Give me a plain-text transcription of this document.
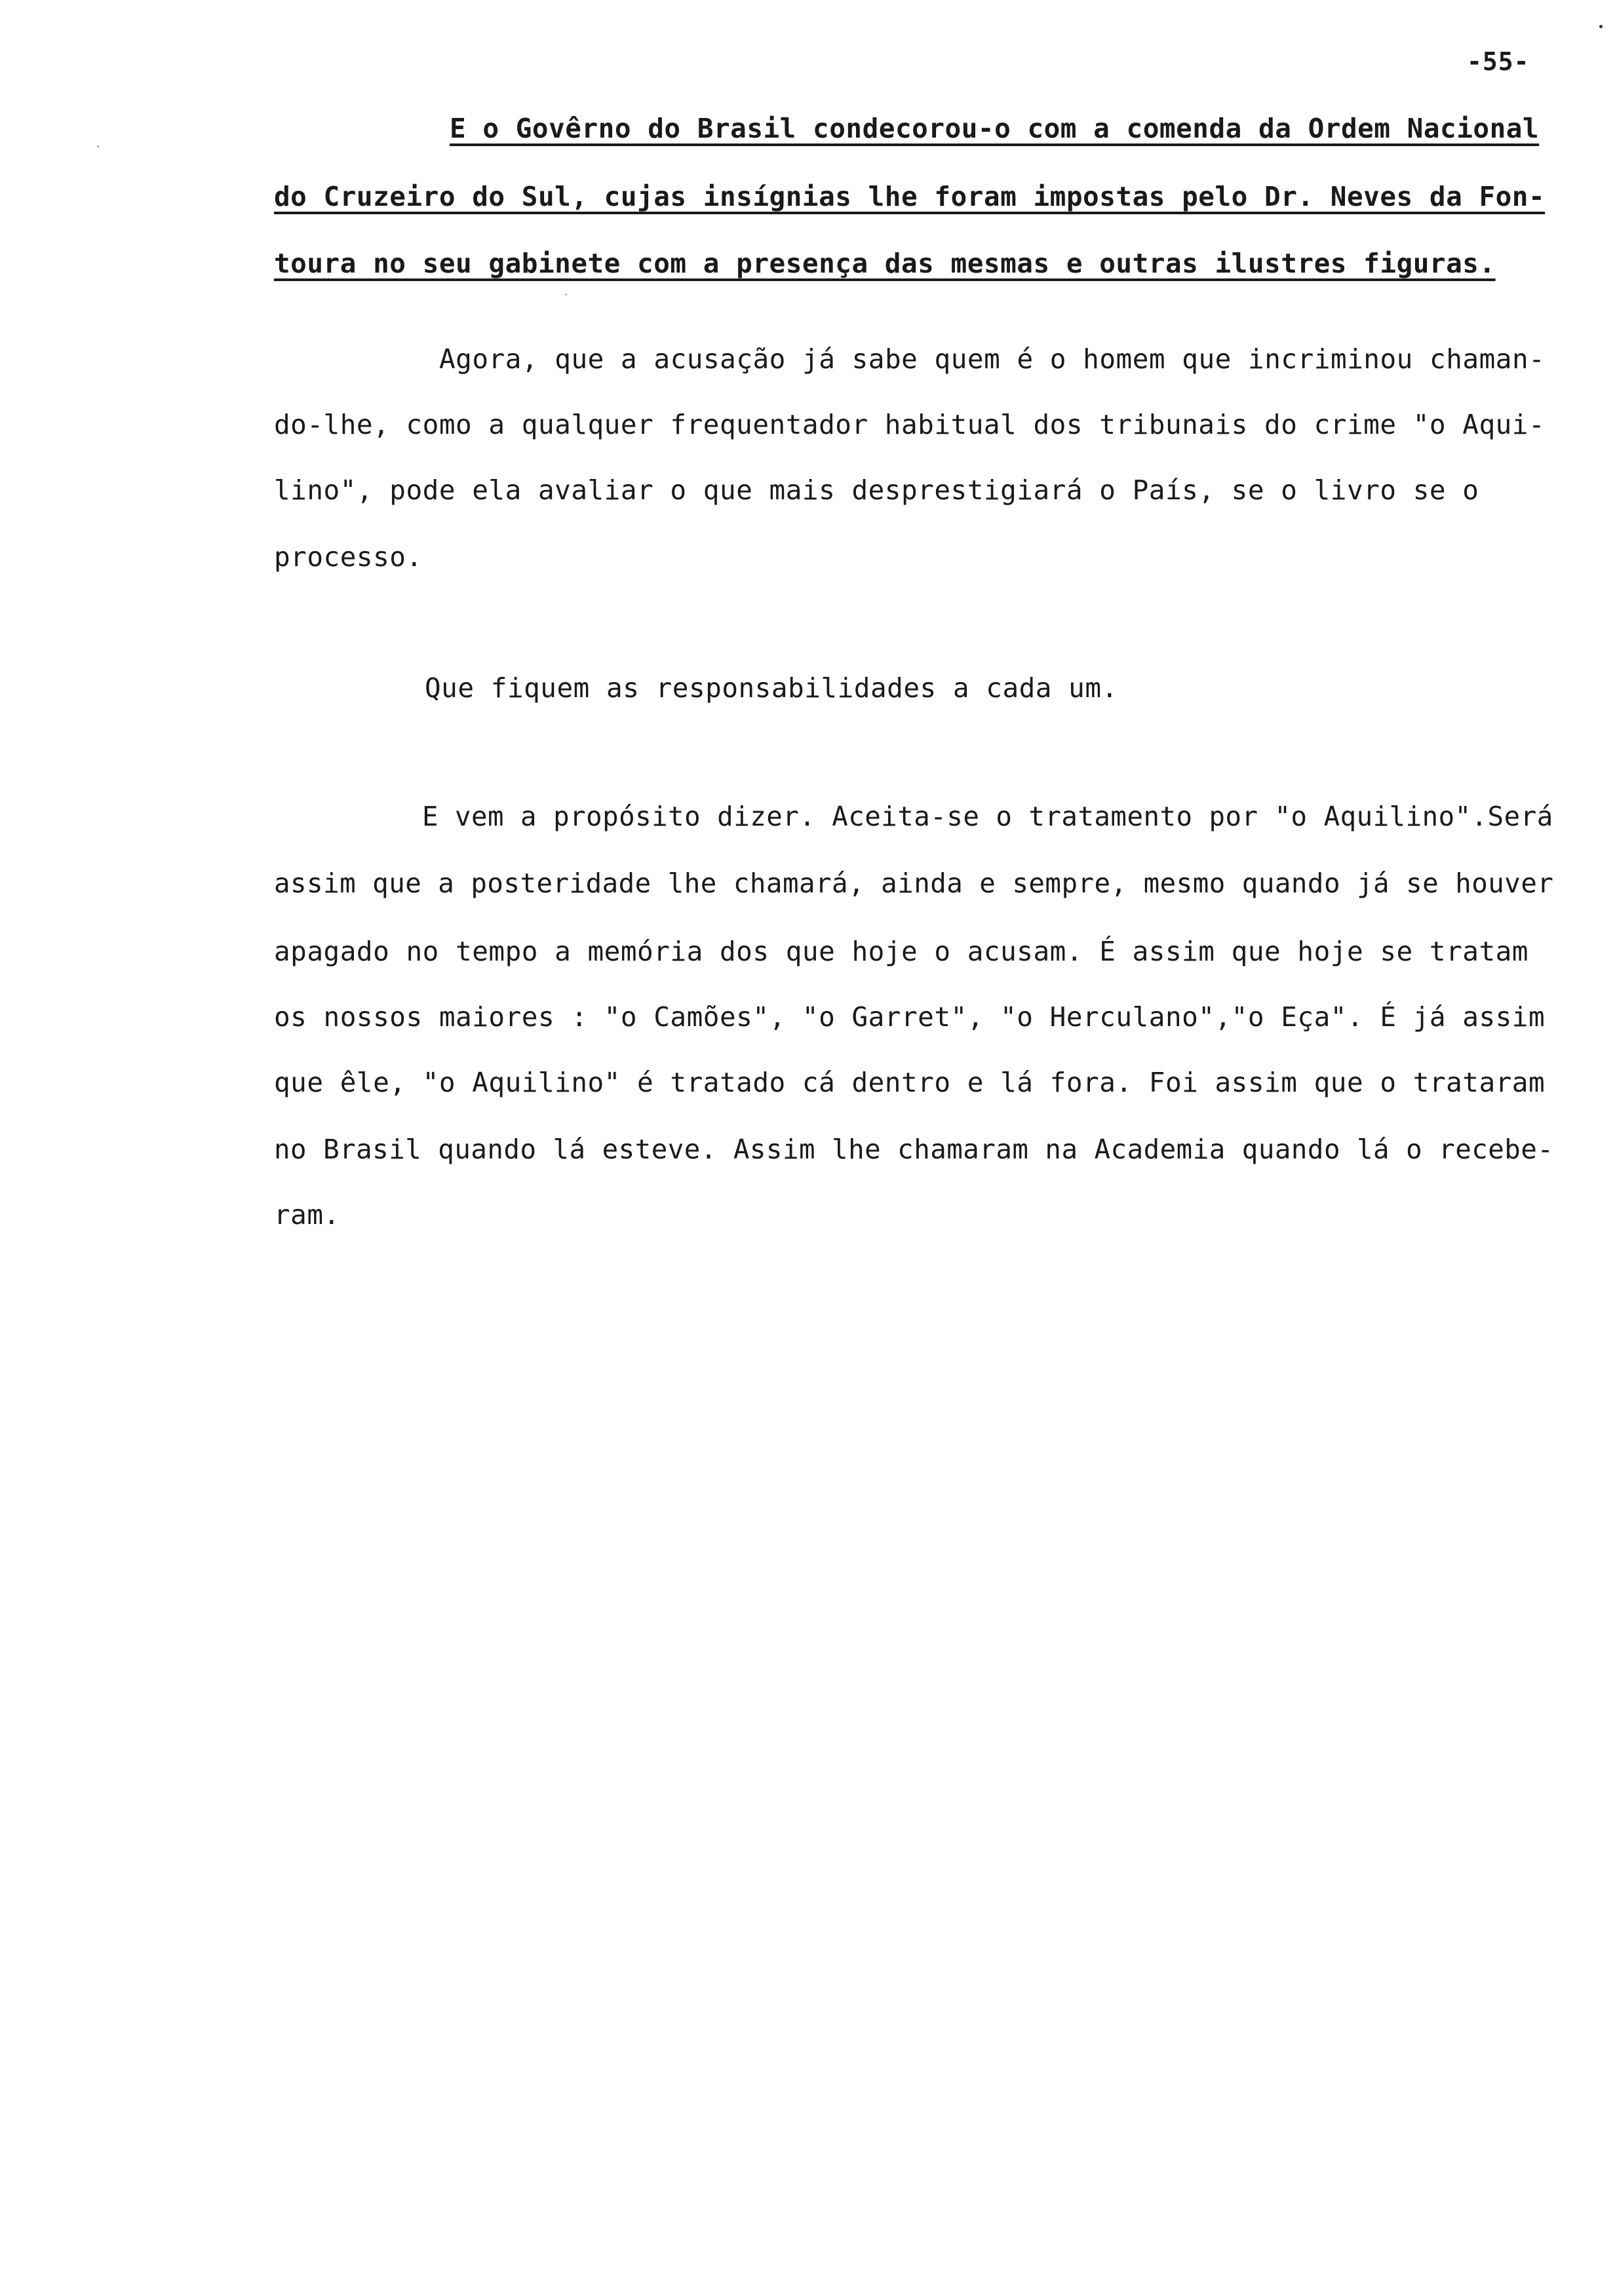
-55-
E o Govêrno do Brasil condecorou-o com a comenda da Ordem Nacional
do Cruzeiro do Sul, cujas insígnias lhe foram impostas pelo Dr. Neves da Fon-
toura no seu gabinete com a presença das mesmas e outras ilustres figuras.
Agora, que a acusação já sabe quem é o homem que incriminou chaman-
do-lhe, como a qualquer frequentador habitual dos tribunais do crime "o Aqui-
lino", pode ela avaliar o que mais desprestigiará o País, se o livro se o
processo.
Que fiquem as responsabilidades a cada um.
E vem a propósito dizer. Aceita-se o tratamento por "o Aquilino".Será
assim que a posteridade lhe chamará, ainda e sempre, mesmo quando já se houver
apagado no tempo a memória dos que hoje o acusam. É assim que hoje se tratam
os nossos maiores : "o Camões", "o Garret", "o Herculano","o Eça". É já assim
que êle, "o Aquilino" é tratado cá dentro e lá fora. Foi assim que o trataram
no Brasil quando lá esteve. Assim lhe chamaram na Academia quando lá o recebe-
ram.
